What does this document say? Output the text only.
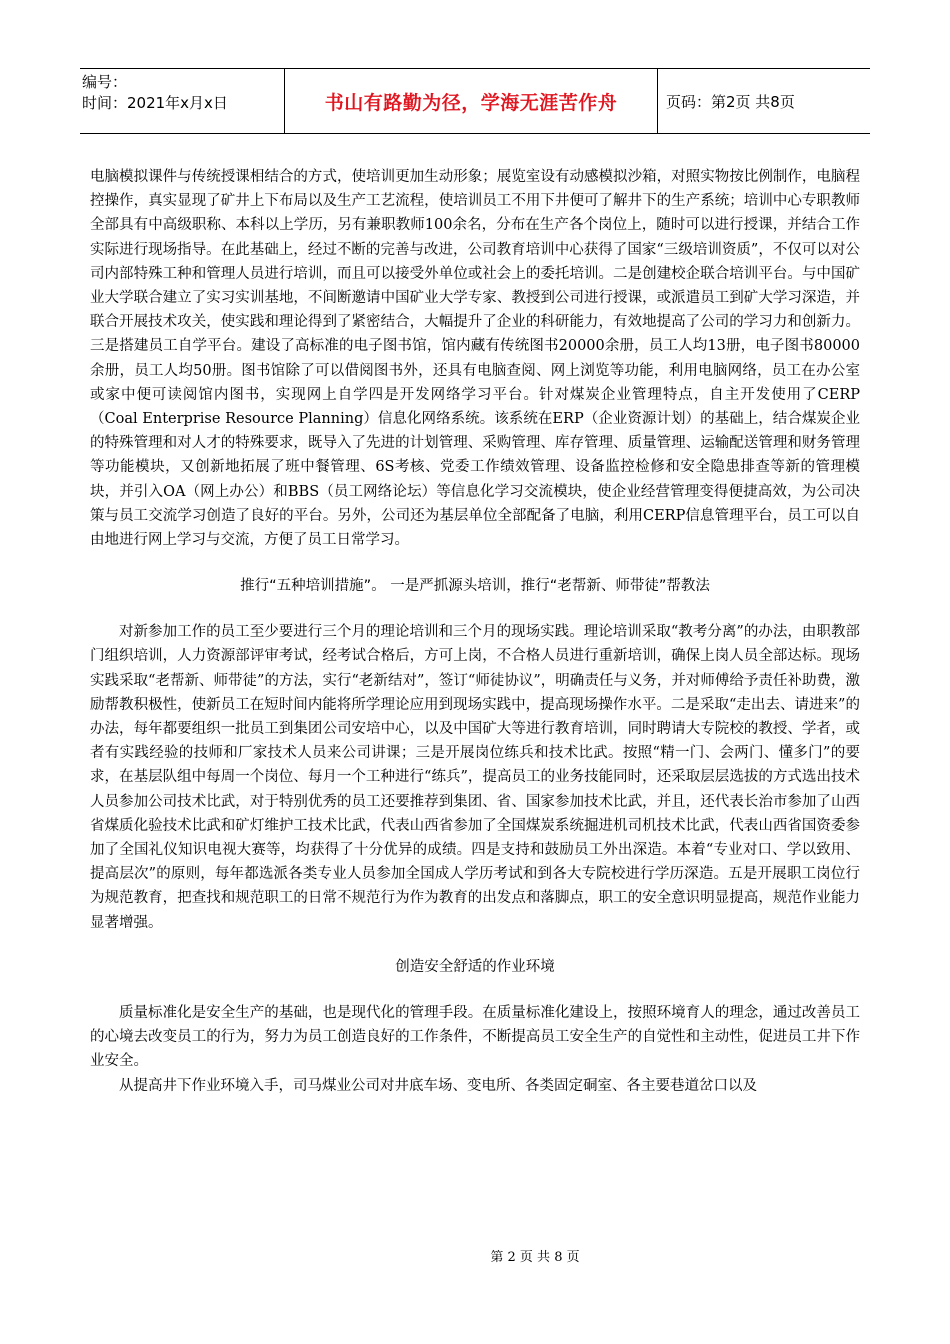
编号：
时间：2021年x月x日	书山有路勤为径，学海无涯苦作舟	页码：第2页 共8页

电脑模拟课件与传统授课相结合的方式，使培训更加生动形象；展览室设有动感模拟沙箱，对照实物按比例制作，电脑程控操作，真实显现了矿井上下布局以及生产工艺流程，使培训员工不用下井便可了解井下的生产系统；培训中心专职教师全部具有中高级职称、本科以上学历，另有兼职教师100余名，分布在生产各个岗位上，随时可以进行授课，并结合工作实际进行现场指导。在此基础上，经过不断的完善与改进，公司教育培训中心获得了国家“三级培训资质”，不仅可以对公司内部特殊工种和管理人员进行培训，而且可以接受外单位或社会上的委托培训。二是创建校企联合培训平台。与中国矿业大学联合建立了实习实训基地，不间断邀请中国矿业大学专家、教授到公司进行授课，或派遣员工到矿大学习深造，并联合开展技术攻关，使实践和理论得到了紧密结合，大幅提升了企业的科研能力，有效地提高了公司的学习力和创新力。三是搭建员工自学平台。建设了高标准的电子图书馆，馆内藏有传统图书20000余册，员工人均13册，电子图书80000余册，员工人均50册。图书馆除了可以借阅图书外，还具有电脑查阅、网上浏览等功能，利用电脑网络，员工在办公室或家中便可读阅馆内图书，实现网上自学四是开发网络学习平台。针对煤炭企业管理特点，自主开发使用了CERP（Coal Enterprise Resource Planning）信息化网络系统。该系统在ERP（企业资源计划）的基础上，结合煤炭企业的特殊管理和对人才的特殊要求，既导入了先进的计划管理、采购管理、库存管理、质量管理、运输配送管理和财务管理等功能模块，又创新地拓展了班中餐管理、6S考核、党委工作绩效管理、设备监控检修和安全隐患排查等新的管理模块，并引入OA（网上办公）和BBS（员工网络论坛）等信息化学习交流模块，使企业经营管理变得便捷高效，为公司决策与员工交流学习创造了良好的平台。另外，公司还为基层单位全部配备了电脑，利用CERP信息管理平台，员工可以自由地进行网上学习与交流，方便了员工日常学习。

推行“五种培训措施”。 一是严抓源头培训，推行“老帮新、师带徒”帮教法

对新参加工作的员工至少要进行三个月的理论培训和三个月的现场实践。理论培训采取“教考分离”的办法，由职教部门组织培训，人力资源部评审考试，经考试合格后，方可上岗，不合格人员进行重新培训，确保上岗人员全部达标。现场实践采取“老帮新、师带徒”的方法，实行“老新结对”，签订“师徒协议”，明确责任与义务，并对师傅给予责任补助费，激励帮教积极性，使新员工在短时间内能将所学理论应用到现场实践中，提高现场操作水平。二是采取“走出去、请进来”的办法，每年都要组织一批员工到集团公司安培中心，以及中国矿大等进行教育培训，同时聘请大专院校的教授、学者，或者有实践经验的技师和厂家技术人员来公司讲课；三是开展岗位练兵和技术比武。按照“精一门、会两门、懂多门”的要求，在基层队组中每周一个岗位、每月一个工种进行“练兵”，提高员工的业务技能同时，还采取层层选拔的方式选出技术人员参加公司技术比武，对于特别优秀的员工还要推荐到集团、省、国家参加技术比武，并且，还代表长治市参加了山西省煤质化验技术比武和矿灯维护工技术比武，代表山西省参加了全国煤炭系统掘进机司机技术比武，代表山西省国资委参加了全国礼仪知识电视大赛等，均获得了十分优异的成绩。四是支持和鼓励员工外出深造。本着“专业对口、学以致用、提高层次”的原则，每年都选派各类专业人员参加全国成人学历考试和到各大专院校进行学历深造。五是开展职工岗位行为规范教育，把查找和规范职工的日常不规范行为作为教育的出发点和落脚点，职工的安全意识明显提高，规范作业能力显著增强。

创造安全舒适的作业环境

质量标准化是安全生产的基础，也是现代化的管理手段。在质量标准化建设上，按照环境育人的理念，通过改善员工的心境去改变员工的行为，努力为员工创造良好的工作条件，不断提高员工安全生产的自觉性和主动性，促进员工井下作业安全。

从提高井下作业环境入手，司马煤业公司对井底车场、变电所、各类固定硐室、各主要巷道岔口以及

第 2 页 共 8 页
